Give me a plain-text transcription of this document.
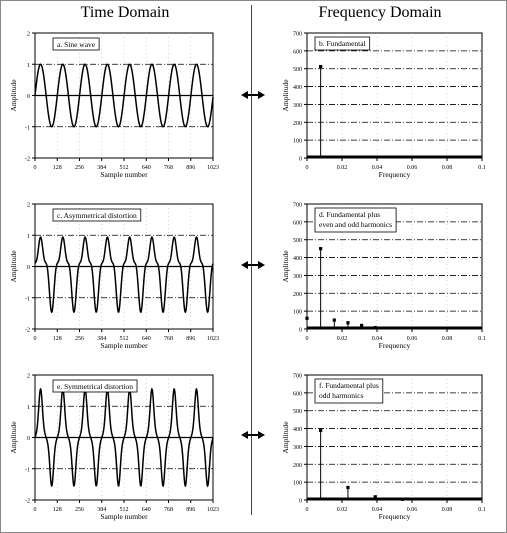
Time Domain	Frequency Domain
-2
-1
0
1
2
0	128 256 384 512 640 768 896 1023
Sample number
Amplitude
a. Sine wave
0
100
200
300
400
500
600
700
0	0.02	0.04	0.06	0.08	0.1
Frequency
Amplitude
b. Fundamental
-2
-1
0
1
2
0	128 256 384 512 640 768 896 1023
Sample number
Amplitude
c. Asymmetrical distortion
0
100
200
300
400
500
600
700
0	0.02	0.04	0.06	0.08	0.1
Frequency
Amplitude
d. Fundamental plus
even and odd harmonics
-2
-1
0
1
2
0	128 256 384 512 640 768 896 1023
Sample number
Amplitude
e. Symmetrical distortion
0
100
200
300
400
500
600
700
0	0.02	0.04	0.06	0.08	0.1
Frequency
Amplitude
f. Fundamental plus
odd harmonics
